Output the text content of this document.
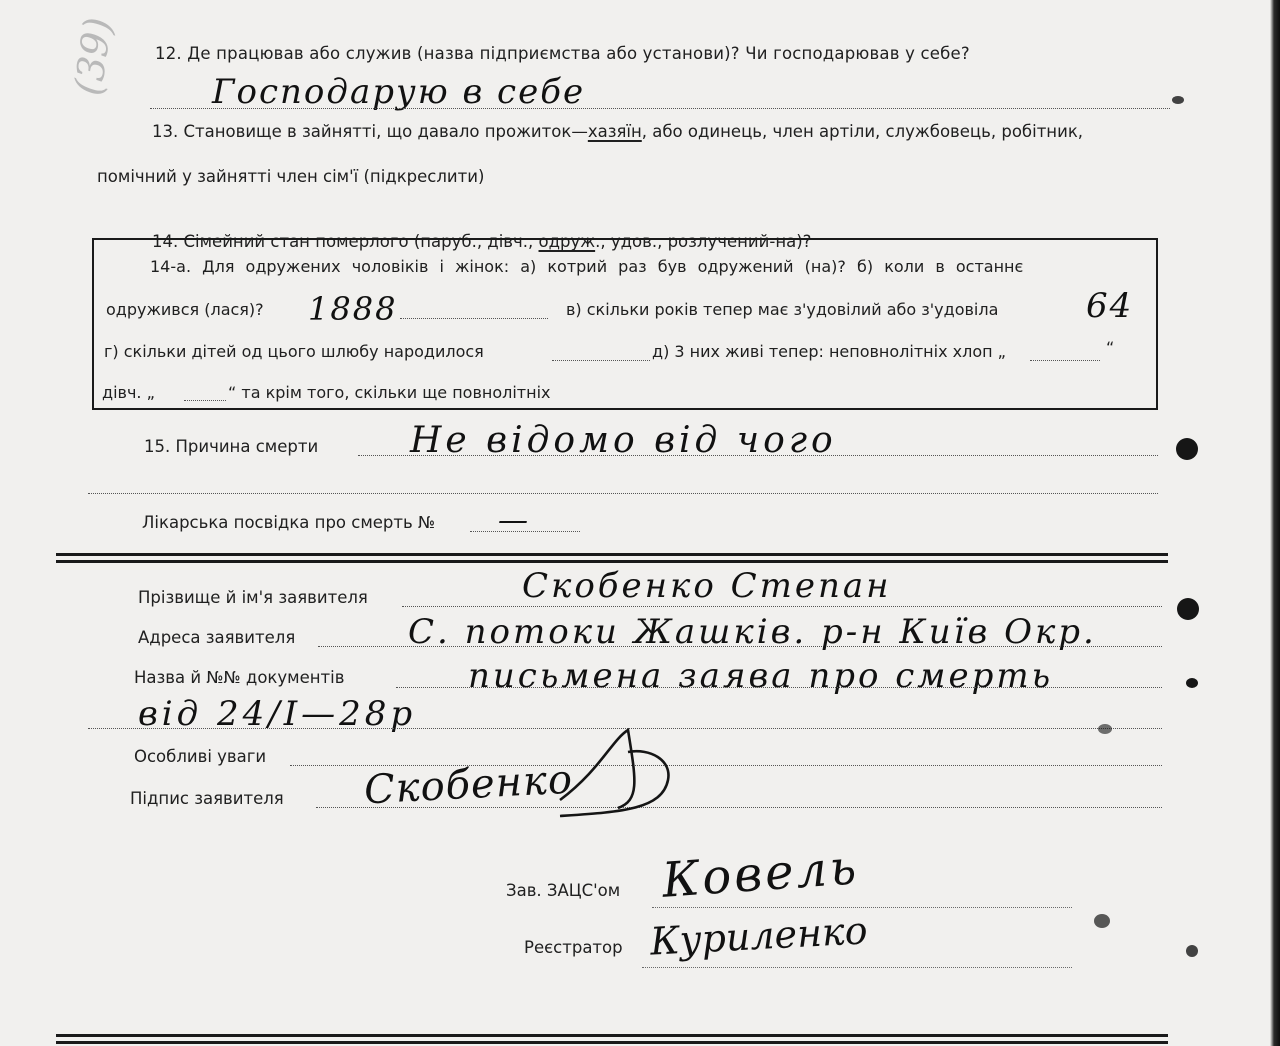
(39) 12. Де працював або служив (назва підприємства або установи)? Чи господарював у себе?
Господарую в себе
13. Становище в зайнятті, що давало прожиток—хазяїн, або одинець, член артіли, службовець, робітник,
помічний у зайнятті член сім'ї (підкреслити)
14. Сімейний стан померлого (паруб., дівч., одруж., удов., розлучений-на)?
14-а. Для одружених чоловіків і жінок: а) котрий раз був одружений (на)? б) коли в останнє
одружився (лася)? 1888	в) скільки років тепер має з'удовілий або з'удовіла	64
г) скільки дітей од цього шлюбу народилося	д) 3 них живі тепер: неповнолітніх хлоп „	“
дівч. „	“ та крім того, скільки ще повнолітніх
15. Причина смерти	Не відомо від чого
Лікарська посвідка про смерть № —
Прізвище й ім'я заявителя	Скобенко Степан
Адреса заявителя	С. потоки Жашків. р-н Київ Окр.
Назва й №№ документів	письмена заява про смерть
від 24/I—28р
Особливі уваги
Підпис заявителя Скобенко
Зав. ЗАЦС'ом Ковель
Реєстратор Куриленко
